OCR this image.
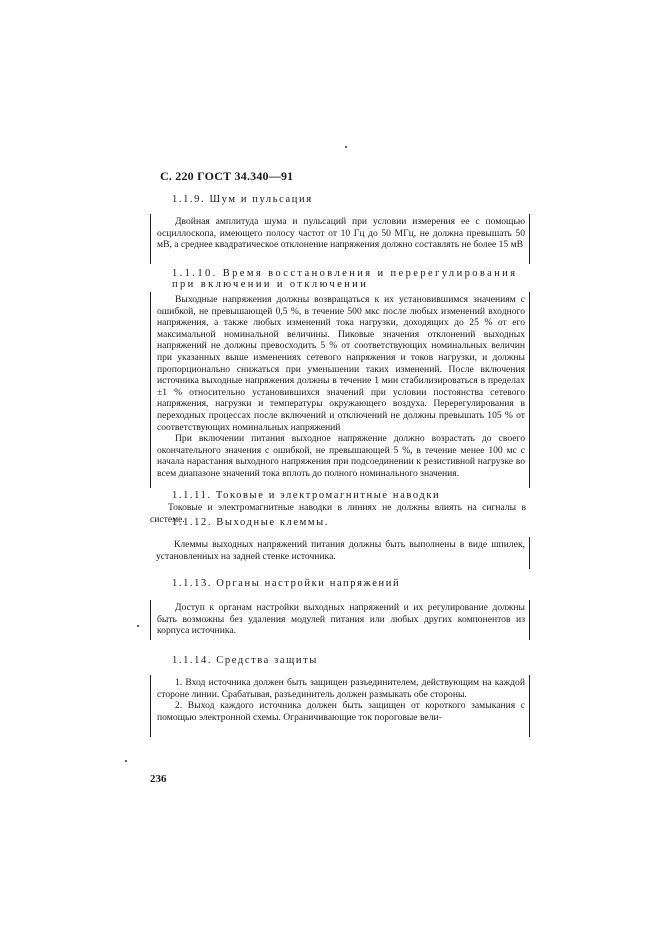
С. 220 ГОСТ 34.340—91
1.1.9. Шум и пульсация

Двойная амплитуда шума и пульсаций при условии измерения ее с помощью осциллоскопа, имеющего полосу частот от 10 Гц до 50 МГц, не должна превышать 50 мВ, а среднее квадратическое отклонение напряжения должно составлять не более 15 мВ

1.1.10. Время восстановления и перерегулирования
при включении и отключении

Выходные напряжения должны возвращаться к их установившимся значениям с ошибкой, не превышающей 0,5 %, в течение 500 мкс после любых изменений входного напряжения, а также любых изменений тока нагрузки, доходящих до 25 % от его максимальной номинальной величины. Пиковые значения отклонений выходных напряжений не должны превосходить 5 % от соответствующих номинальных величин при указанных выше изменениях сетевого напряжения и токов нагрузки, и должны пропорционально снижаться при уменьшении таких изменений. После включения источника выходные напряжения должны в течение 1 мин стабилизироваться в пределах ±1 % относительно установившихся значений при условии постоянства сетевого напряжения, нагрузки и температуры окружающего воздуха. Перерегулирования в переходных процессах после включений и отключений не должны превышать 105 % от соответствующих номинальных напряжений

При включении питания выходное напряжение должно возрастать до своего окончательного значения с ошибкой, не превышающей 5 %, в течение менее 100 мс с начала нарастания выходного напряжения при подсоединении к резистивной нагрузке во всем диапазоне значений тока вплоть до полного номинального значения.

1.1.11. Токовые и электромагнитные наводки

Токовые и электромагнитные наводки в линиях не должны влиять на сигналы в системе.

1.1.12. Выходные клеммы.

Клеммы выходных напряжений питания должны быть выполнены в виде шпилек, установленных на задней стенке источника.

1.1.13. Органы настройки напряжений

Доступ к органам настройки выходных напряжений и их регулирование должны быть возможны без удаления модулей питания или любых других компонентов из корпуса источника.

1.1.14. Средства защиты

1. Вход источника должен быть защищен разъединителем, действующим на каждой стороне линии. Срабатывая, разъединитель должен размыкать обе стороны.

2. Выход каждого источника должен быть защищен от короткого замыкания с помощью электронной схемы. Ограничивающие ток пороговые вели-

236
